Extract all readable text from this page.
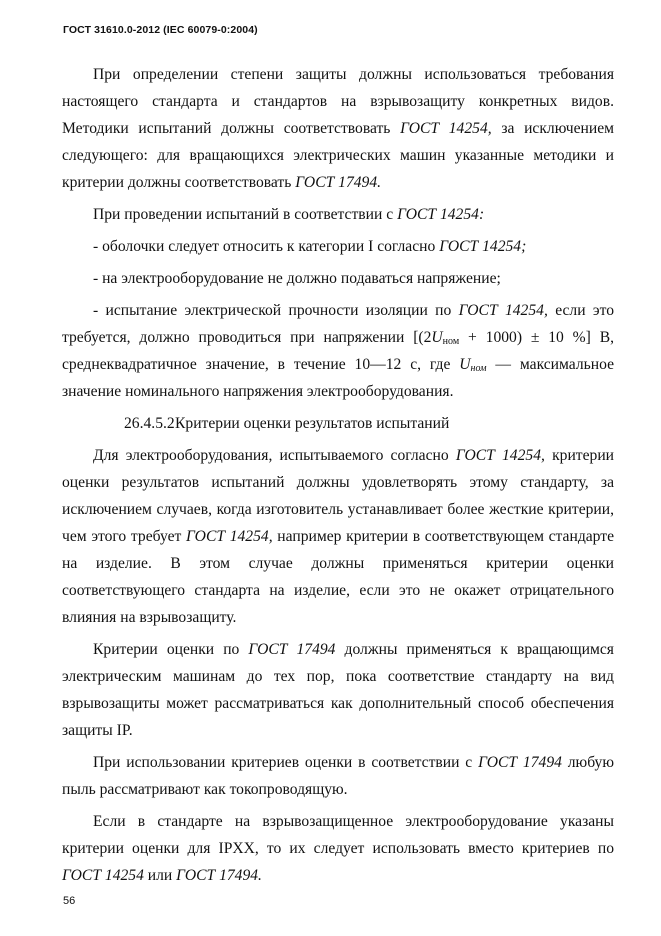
ГОСТ 31610.0-2012 (IEC 60079-0:2004)

При определении степени защиты должны использоваться требования настоящего стандарта и стандартов на взрывозащиту конкретных видов. Методики испытаний должны соответствовать ГОСТ 14254, за исключением следующего: для вращающихся электрических машин указанные методики и критерии должны соответствовать ГОСТ 17494.

При проведении испытаний в соответствии с ГОСТ 14254:

- оболочки следует относить к категории I согласно ГОСТ 14254;

- на электрооборудование не должно подаваться напряжение;

- испытание электрической прочности изоляции по ГОСТ 14254, если это требуется, должно проводиться при напряжении [$(2U_{ном} + 1000) \pm 10$ %] В, среднеквадратичное значение, в течение 10—12 с, где $U_{ном}$ — максимальное значение номинального напряжения электрооборудования.

26.4.5.2Критерии оценки результатов испытаний

Для электрооборудования, испытываемого согласно ГОСТ 14254, критерии оценки результатов испытаний должны удовлетворять этому стандарту, за исключением случаев, когда изготовитель устанавливает более жесткие критерии, чем этого требует ГОСТ 14254, например критерии в соответствующем стандарте на изделие. В этом случае должны применяться критерии оценки соответствующего стандарта на изделие, если это не окажет отрицательного влияния на взрывозащиту.

Критерии оценки по ГОСТ 17494 должны применяться к вращающимся электрическим машинам до тех пор, пока соответствие стандарту на вид взрывозащиты может рассматриваться как дополнительный способ обеспечения защиты IP.

При использовании критериев оценки в соответствии с ГОСТ 17494 любую пыль рассматривают как токопроводящую.

Если в стандарте на взрывозащищенное электрооборудование указаны критерии оценки для IPXX, то их следует использовать вместо критериев по ГОСТ 14254 или ГОСТ 17494.

56
